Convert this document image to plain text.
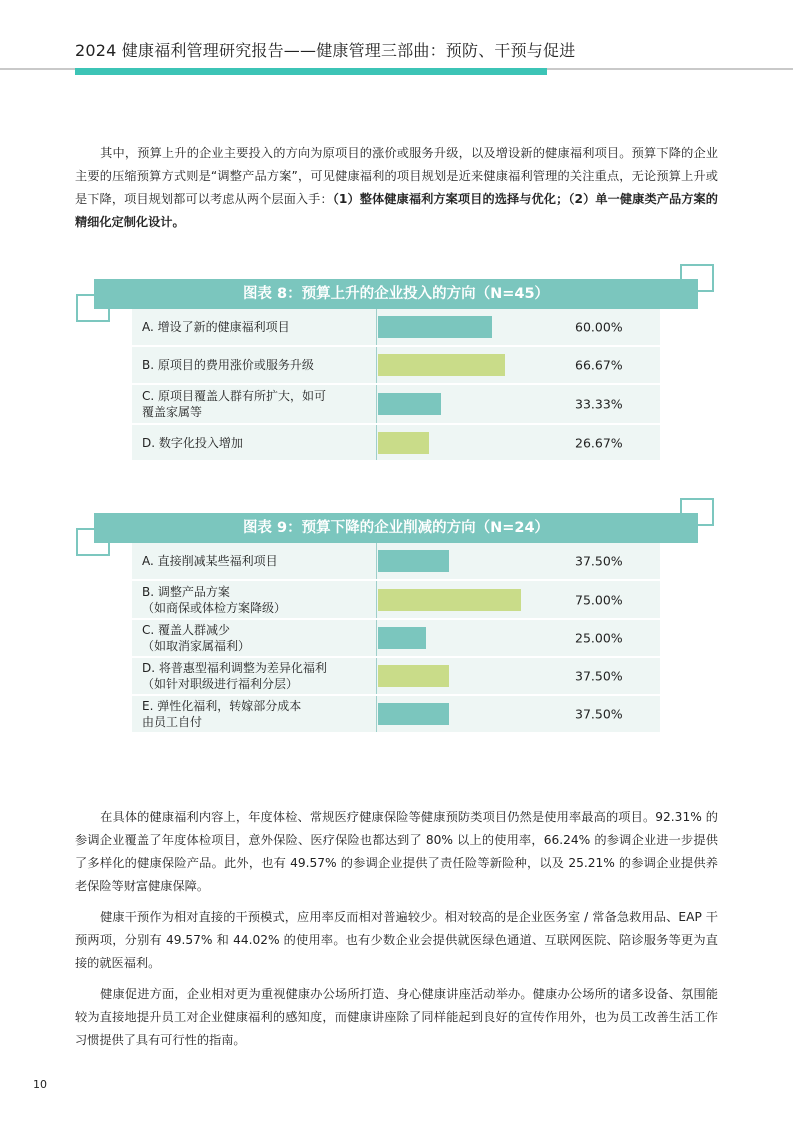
2024 健康福利管理研究报告——健康管理三部曲：预防、干预与促进
其中，预算上升的企业主要投入的方向为原项目的涨价或服务升级，以及增设新的健康福利项目。预算下降的企业主要的压缩预算方式则是“调整产品方案”，可见健康福利的项目规划是近来健康福利管理的关注重点，无论预算上升或是下降，项目规划都可以考虑从两个层面入手：（1）整体健康福利方案项目的选择与优化；（2）单一健康类产品方案的精细化定制化设计。
图表 8：预算上升的企业投入的方向（N=45）
A. 增设了新的健康福利项目	60.00%
B. 原项目的费用涨价或服务升级	66.67%
C. 原项目覆盖人群有所扩大，如可
覆盖家属等
33.33%
D. 数字化投入增加	26.67%
图表 9：预算下降的企业削减的方向（N=24）
A. 直接削减某些福利项目	37.50%
B. 调整产品方案
（如商保或体检方案降级）
75.00%
C. 覆盖人群减少
（如取消家属福利）
25.00%
D. 将普惠型福利调整为差异化福利
（如针对职级进行福利分层）
37.50%
E. 弹性化福利，转嫁部分成本
由员工自付
37.50%
在具体的健康福利内容上，年度体检、常规医疗健康保险等健康预防类项目仍然是使用率最高的项目。92.31% 的参调企业覆盖了年度体检项目，意外保险、医疗保险也都达到了 80% 以上的使用率，66.24% 的参调企业进一步提供了多样化的健康保险产品。此外，也有 49.57% 的参调企业提供了责任险等新险种，以及 25.21% 的参调企业提供养老保险等财富健康保障。
健康干预作为相对直接的干预模式，应用率反而相对普遍较少。相对较高的是企业医务室 / 常备急救用品、EAP 干预两项，分别有 49.57% 和 44.02% 的使用率。也有少数企业会提供就医绿色通道、互联网医院、陪诊服务等更为直接的就医福利。
健康促进方面，企业相对更为重视健康办公场所打造、身心健康讲座活动举办。健康办公场所的诸多设备、氛围能较为直接地提升员工对企业健康福利的感知度，而健康讲座除了同样能起到良好的宣传作用外，也为员工改善生活工作习惯提供了具有可行性的指南。
10
